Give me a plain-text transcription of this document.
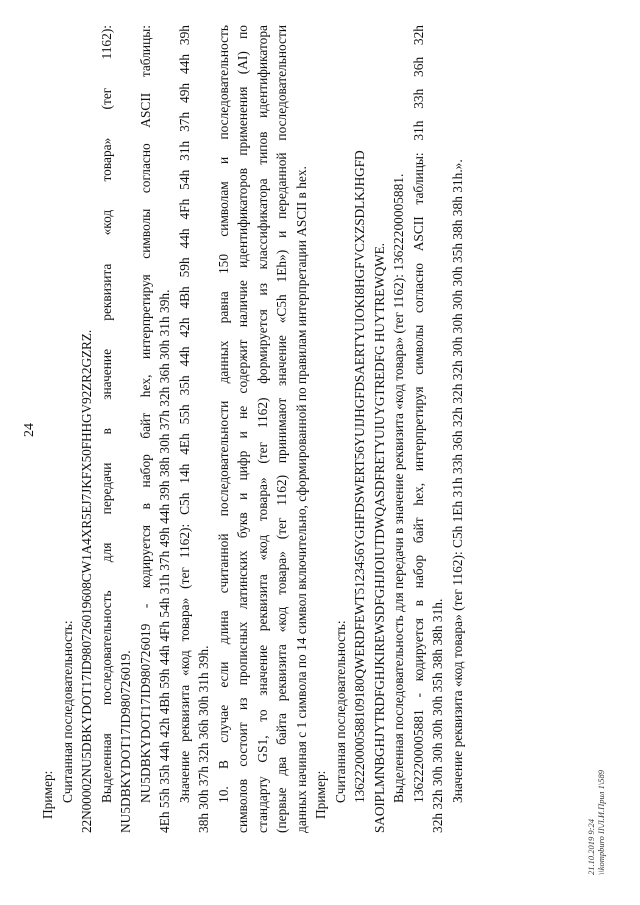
24

Пример: Считанная последовательность: 22N00002NU5DBKYDOT17ID980726019608CW1A4XR5EJ7JKFX50FHHGV92ZR2GZRZ. Выделенная последовательность для передачи в значение реквизита «код товара» (тег 1162): NU5DBKYDOT17ID980726019. NU5DBKYDOT17ID980726019 - кодируется в набор байт hex, интерпретируя символы согласно ASCII таблицы: 4Eh 55h 35h 44h 42h 4Bh 59h 44h 4Fh 54h 31h 37h 49h 44h 39h 38h 30h 37h 32h 36h 30h 31h 39h. Значение реквизита «код товара» (тег 1162): C5h 14h 4Eh 55h 35h 44h 42h 4Bh 59h 44h 4Fh 54h 31h 37h 49h 44h 39h 38h 30h 37h 32h 36h 30h 31h 39h. 10. В случае если длина считанной последовательности данных равна 150 символам и последовательность символов состоит из прописных латинских букв и цифр и не содержит наличие идентификаторов применения (AI) по стандарту GS1, то значение реквизита «код товара» (тег 1162) формируется из классификатора типов идентификатора (первые два байта реквизита «код товара» (тег 1162) принимают значение «C5h 1Eh») и переданной последовательности данных начиная с 1 символа по 14 символ включительно, сформированной по правилам интерпретации ASCII в hex. Пример: Считанная последовательность: 1362220000588109180QWERDFEWT5123456YGHFDSWERT56YUIJHGFDSAERTYUIOKI8HGFVCXZSDLKJHGFD SAOIPLMNBGHJYTRDFGHJKIREWSDFGHJIOIUTDWQASDFRETYUIUYGTREDFG HUYTREWQWE. Выделенная последовательность для передачи в значение реквизита «код товара» (тег 1162): 13622200005881. 13622200005881 - кодируется в набор байт hex, интерпретируя символы согласно ASCII таблицы: 31h 33h 36h 32h 32h 32h 30h 30h 30h 30h 35h 38h 38h 31h. Значение реквизита «код товара» (тег 1162): C5h 1Eh 31h 33h 36h 32h 32h 32h 30h 30h 30h 30h 35h 38h 38h 31h.».

21.10.2019 9:24 \\kompburo II\Л.И.Прил 1\589
